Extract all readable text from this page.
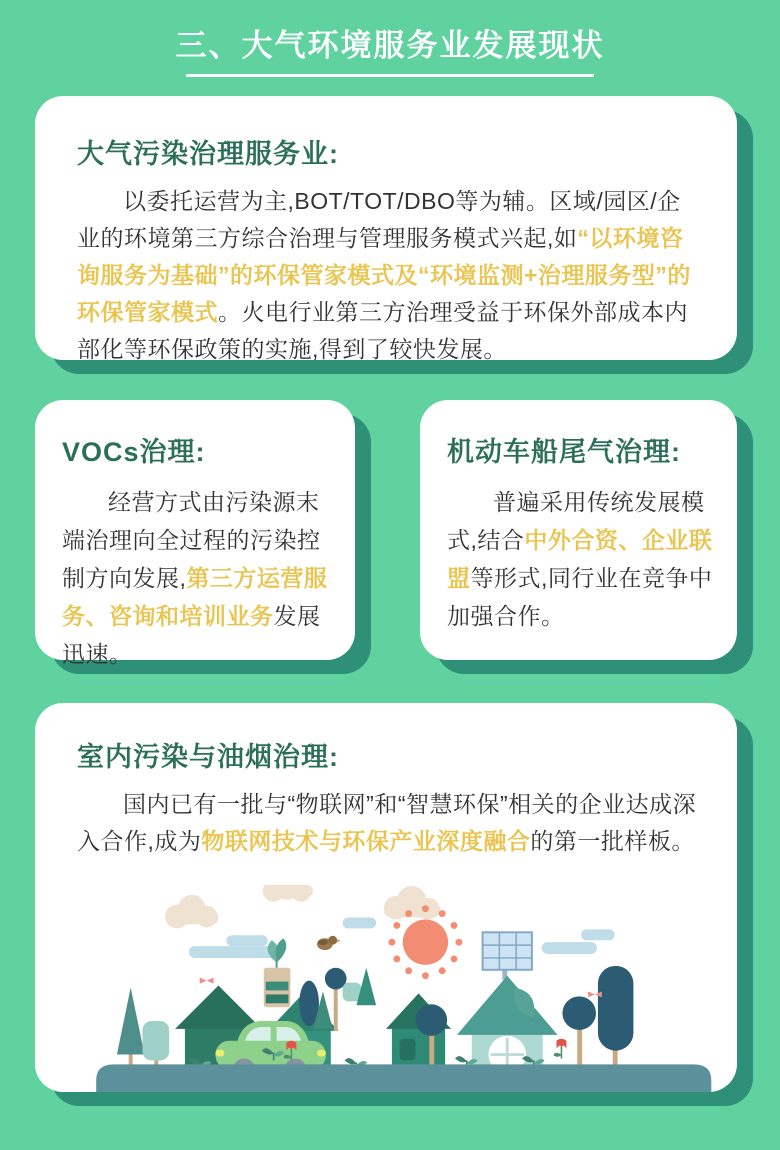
三、大气环境服务业发展现状
大气污染治理服务业:

以委托运营为主,BOT/TOT/DBO等为辅。区域/园区/企业的环境第三方综合治理与管理服务模式兴起,如“以环境咨询服务为基础”的环保管家模式及“环境监测+治理服务型”的环保管家模式。火电行业第三方治理受益于环保外部成本内部化等环保政策的实施,得到了较快发展。

VOCs治理:

经营方式由污染源末端治理向全过程的污染控制方向发展,第三方运营服务、咨询和培训业务发展迅速。

机动车船尾气治理:

普遍采用传统发展模式,结合中外合资、企业联盟等形式,同行业在竞争中加强合作。

室内污染与油烟治理:

国内已有一批与“物联网”和“智慧环保”相关的企业达成深入合作,成为物联网技术与环保产业深度融合的第一批样板。
